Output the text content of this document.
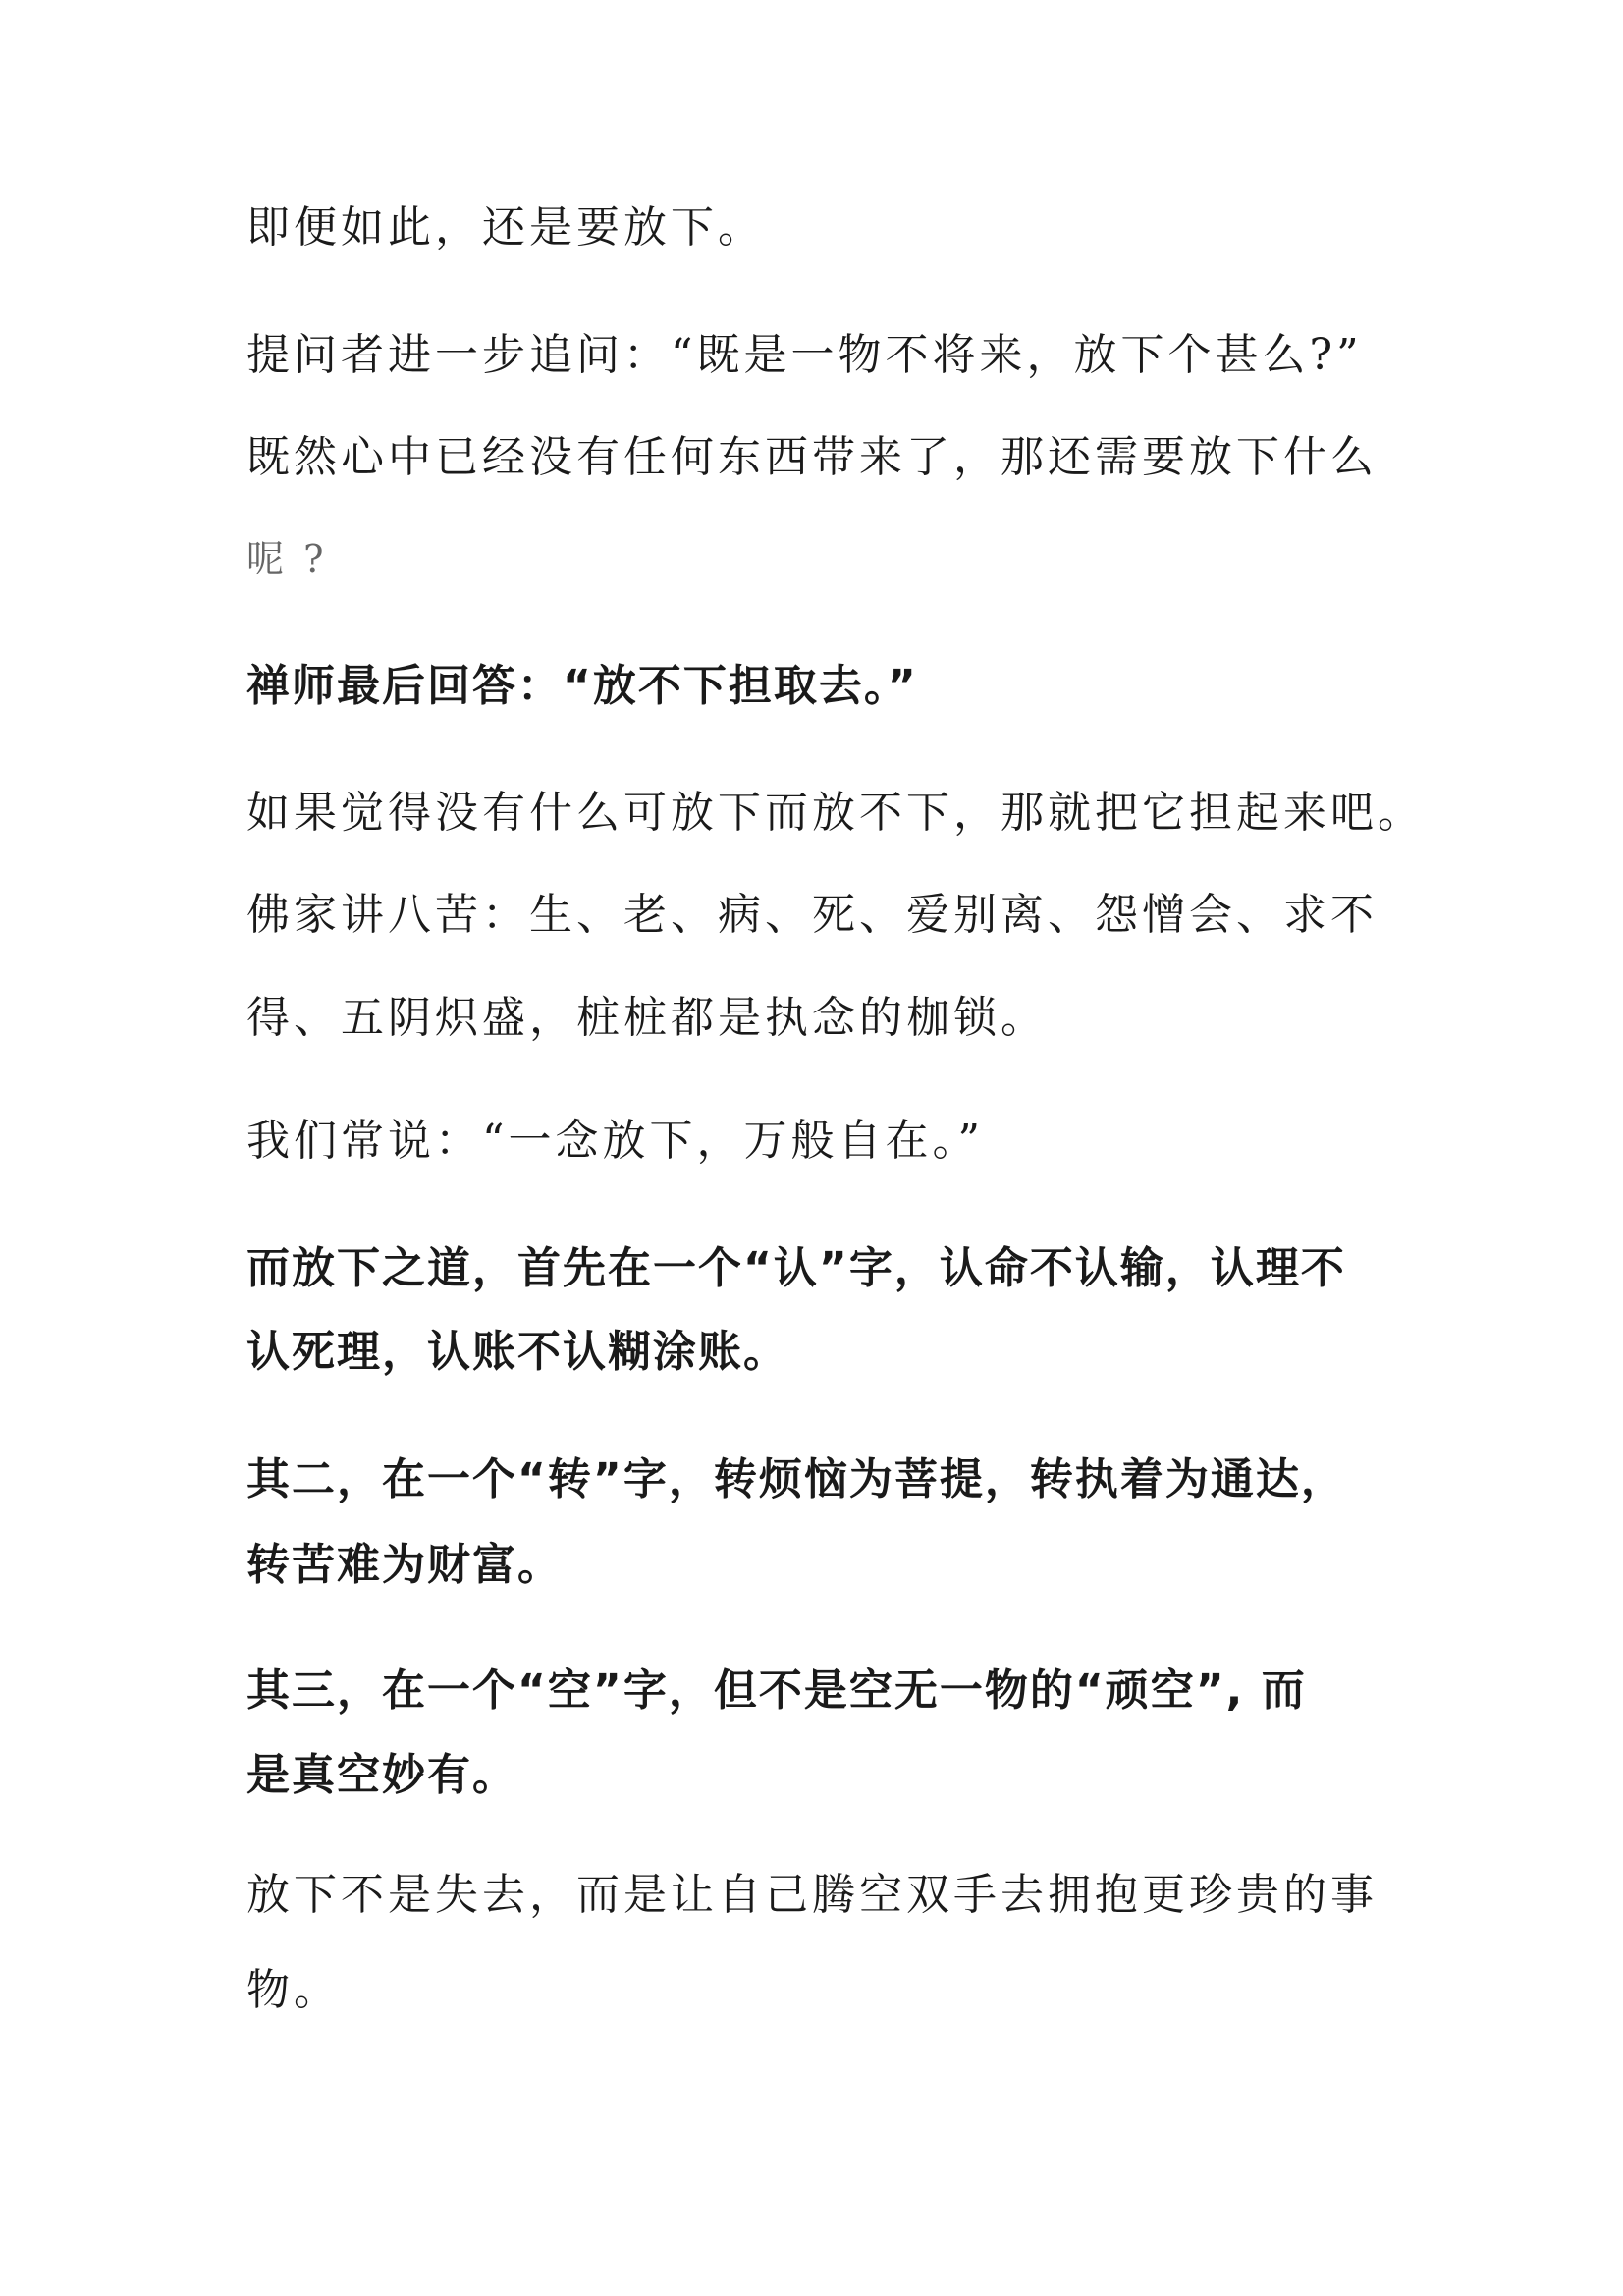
即便如此，还是要放下。
提问者进一步追问：“既是一物不将来，放下个甚么?”
既然心中已经没有任何东西带来了，那还需要放下什么
呢 ?
禅师最后回答：“放不下担取去。”
如果觉得没有什么可放下而放不下，那就把它担起来吧。
佛家讲八苦：生、老、病、死、爱别离、怨憎会、求不
得、五阴炽盛，桩桩都是执念的枷锁。
我们常说：“一念放下，万般自在。”
而放下之道，首先在一个“认”字，认命不认输，认理不
认死理，认账不认糊涂账。
其二，在一个“转”字，转烦恼为菩提，转执着为通达，
转苦难为财富。
其三，在一个“空”字，但不是空无一物的“顽空”, 而
是真空妙有。
放下不是失去，而是让自己腾空双手去拥抱更珍贵的事
物。
